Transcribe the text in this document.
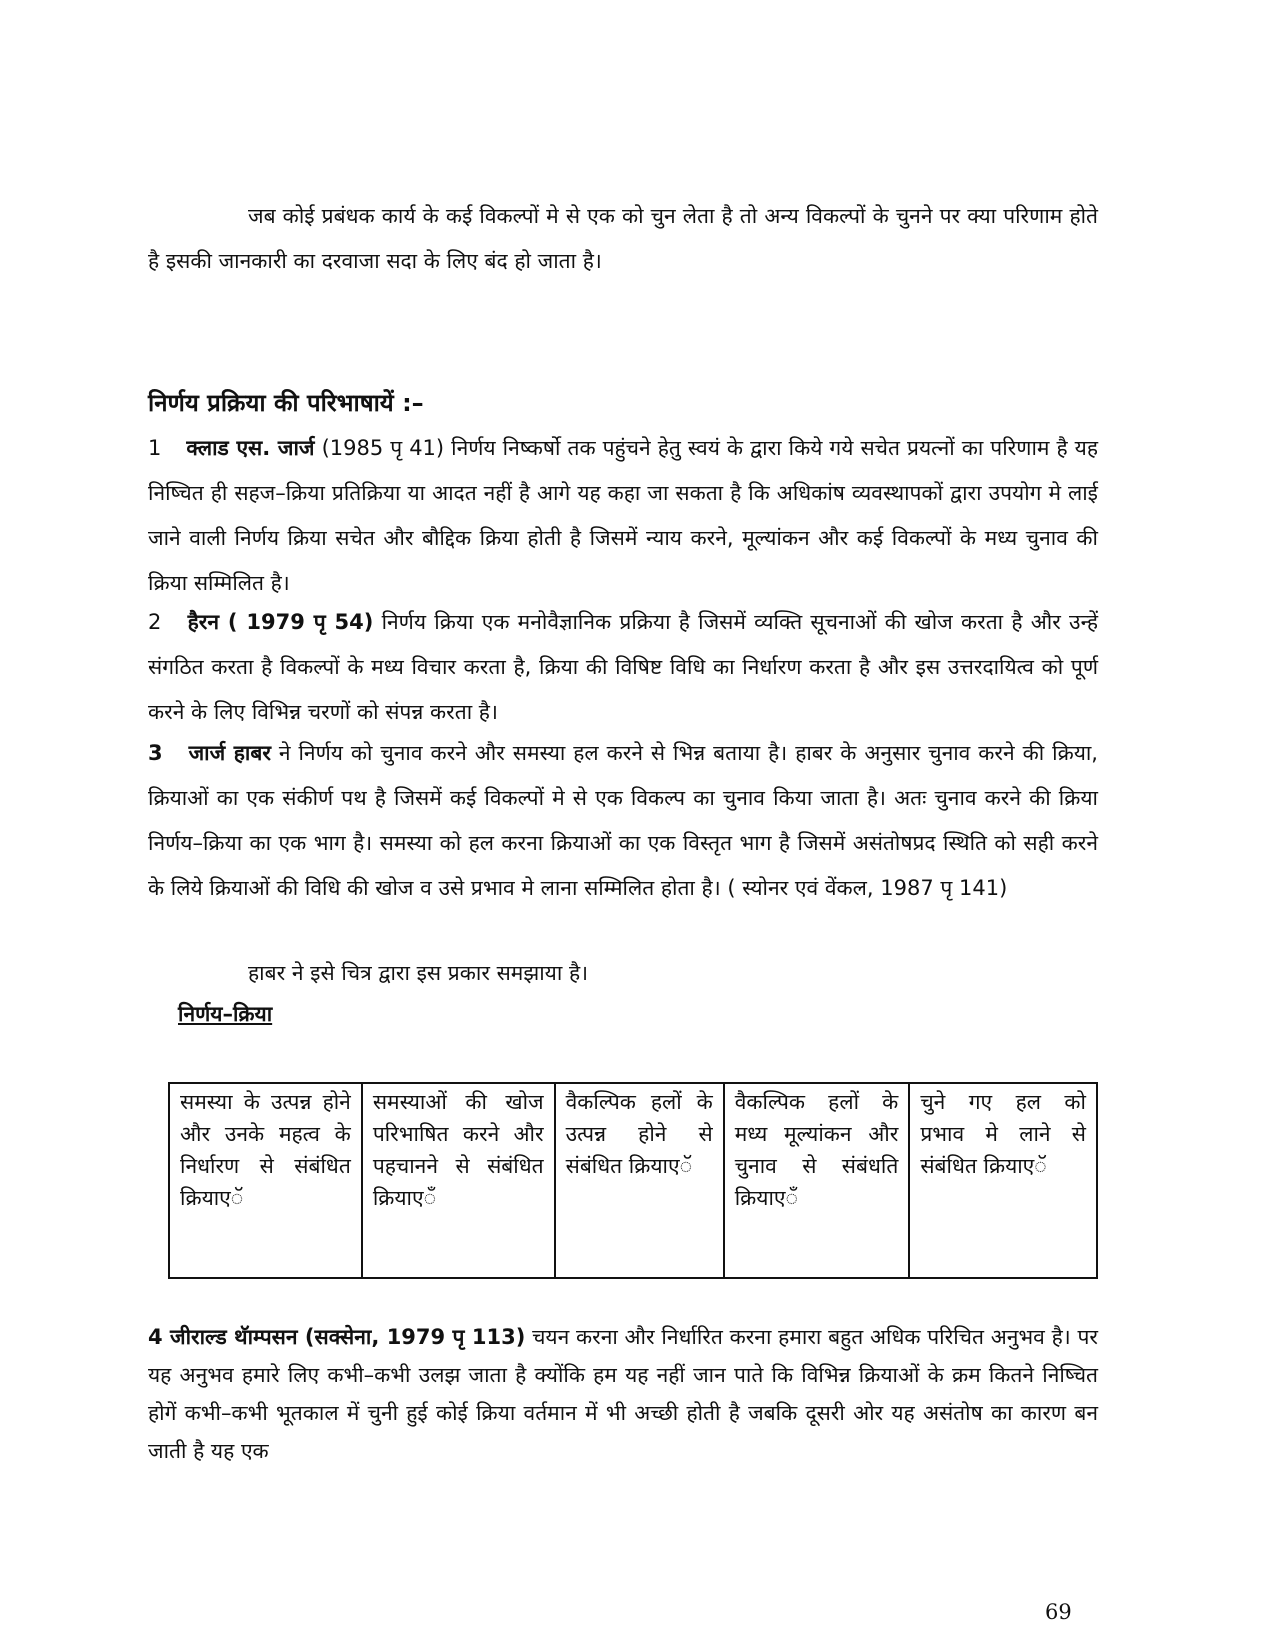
जब कोई प्रबंधक कार्य के कई विकल्पों मे से एक को चुन लेता है तो अन्य विकल्पों के चुनने पर क्या परिणाम होते है इसकी जानकारी का दरवाजा सदा के लिए बंद हो जाता है।

निर्णय प्रक्रिया की परिभाषायें :–

1 क्लाड एस. जार्ज (1985 पृ 41) निर्णय निष्कर्षो तक पहुंचने हेतु स्वयं के द्वारा किये गये सचेत प्रयत्नों का परिणाम है यह निष्चित ही सहज–क्रिया प्रतिक्रिया या आदत नहीं है आगे यह कहा जा सकता है कि अधिकांष व्यवस्थापकों द्वारा उपयोग मे लाई जाने वाली निर्णय क्रिया सचेत और बौद्दिक क्रिया होती है जिसमें न्याय करने, मूल्यांकन और कई विकल्पों के मध्य चुनाव की क्रिया सम्मिलित है।

2 हैरन ( 1979 पृ 54) निर्णय क्रिया एक मनोवैज्ञानिक प्रक्रिया है जिसमें व्यक्ति सूचनाओं की खोज करता है और उन्हें संगठित करता है विकल्पों के मध्य विचार करता है, क्रिया की विषिष्ट विधि का निर्धारण करता है और इस उत्तरदायित्व को पूर्ण करने के लिए विभिन्न चरणों को संपन्न करता है।

3 जार्ज हाबर ने निर्णय को चुनाव करने और समस्या हल करने से भिन्न बताया है। हाबर के अनुसार चुनाव करने की क्रिया, क्रियाओं का एक संकीर्ण पथ है जिसमें कई विकल्पों मे से एक विकल्प का चुनाव किया जाता है। अतः चुनाव करने की क्रिया निर्णय–क्रिया का एक भाग है। समस्या को हल करना क्रियाओं का एक विस्तृत भाग है जिसमें असंतोषप्रद स्थिति को सही करने के लिये क्रियाओं की विधि की खोज व उसे प्रभाव मे लाना सम्मिलित होता है। ( स्योनर एवं वेंकल, 1987 पृ 141)

हाबर ने इसे चित्र द्वारा इस प्रकार समझाया है।

निर्णय–क्रिया

समस्या के उत्पन्न होने और उनके महत्व के निर्धारण से संबंधित क्रियाएॅ

समस्याओं की खोज परिभाषित करने और पहचानने से संबंधित क्रियाएॅं

वैकल्पिक हलों के उत्पन्न होने से संबंधित क्रियाएॅ

वैकल्पिक हलों के मध्य मूल्यांकन और चुनाव से संबंधति क्रियाएॅं

चुने गए हल को प्रभाव मे लाने से संबंधित क्रियाएॅ

4 जीराल्ड थॅाम्पसन (सक्सेना, 1979 पृ 113) चयन करना और निर्धारित करना हमारा बहुत अधिक परिचित अनुभव है। पर यह अनुभव हमारे लिए कभी–कभी उलझ जाता है क्योंकि हम यह नहीं जान पाते कि विभिन्न क्रियाओं के क्रम कितने निष्चित होगें कभी–कभी भूतकाल में चुनी हुई कोई क्रिया वर्तमान में भी अच्छी होती है जबकि दूसरी ओर यह असंतोष का कारण बन जाती है यह एक

69
